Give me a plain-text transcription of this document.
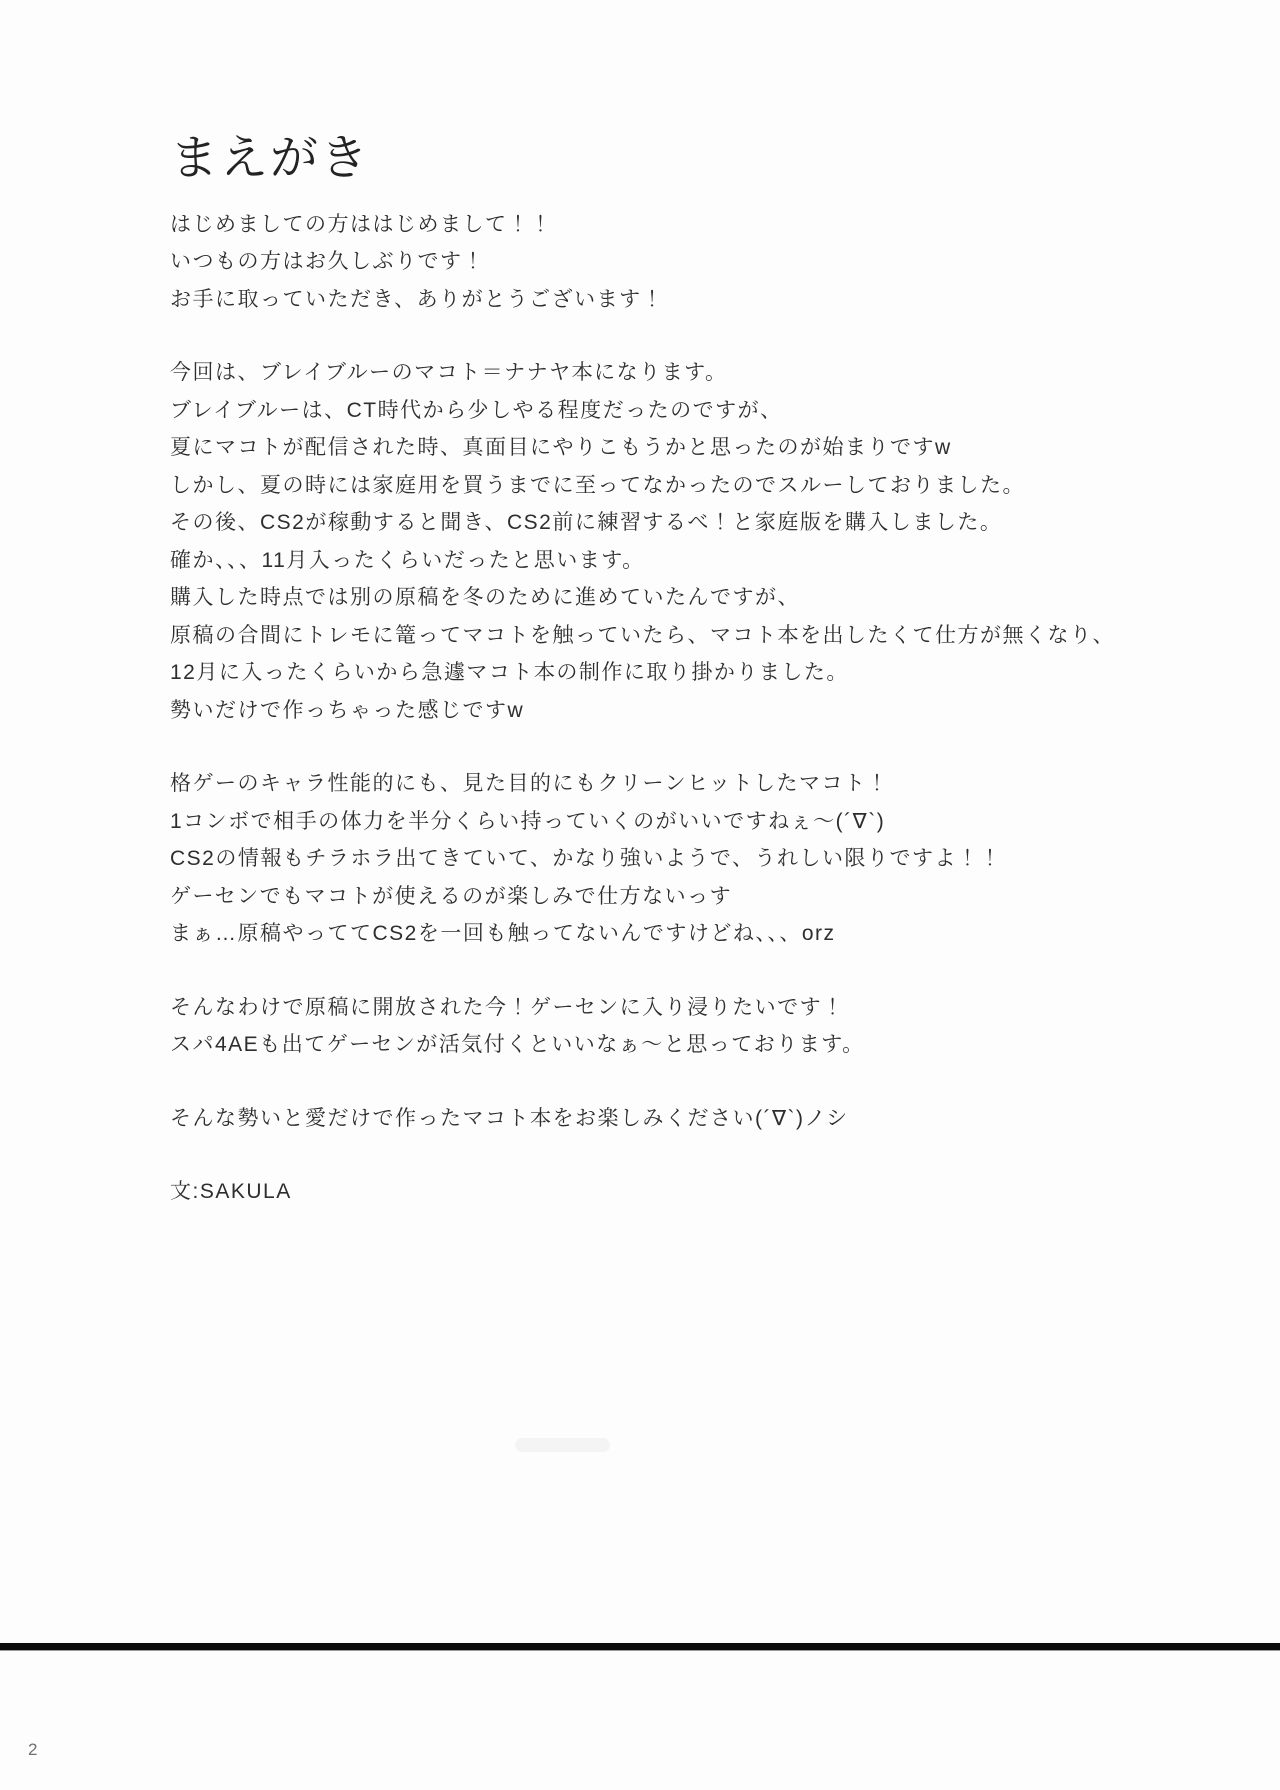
まえがき
はじめましての方ははじめまして！！
いつもの方はお久しぶりです！
お手に取っていただき、ありがとうございます！
今回は、ブレイブルーのマコト＝ナナヤ本になります。
ブレイブルーは、CT時代から少しやる程度だったのですが、
夏にマコトが配信された時、真面目にやりこもうかと思ったのが始まりですw
しかし、夏の時には家庭用を買うまでに至ってなかったのでスルーしておりました。
その後、CS2が稼動すると聞き、CS2前に練習するべ！と家庭版を購入しました。
確か、、、11月入ったくらいだったと思います。
購入した時点では別の原稿を冬のために進めていたんですが、
原稿の合間にトレモに篭ってマコトを触っていたら、マコト本を出したくて仕方が無くなり、
12月に入ったくらいから急遽マコト本の制作に取り掛かりました。
勢いだけで作っちゃった感じですw
格ゲーのキャラ性能的にも、見た目的にもクリーンヒットしたマコト！
1コンボで相手の体力を半分くらい持っていくのがいいですねぇ～(´∇`)
CS2の情報もチラホラ出てきていて、かなり強いようで、うれしい限りですよ！！
ゲーセンでもマコトが使えるのが楽しみで仕方ないっす
まぁ…原稿やっててCS2を一回も触ってないんですけどね、、、orz
そんなわけで原稿に開放された今！ゲーセンに入り浸りたいです！
スパ4AEも出てゲーセンが活気付くといいなぁ～と思っております。
そんな勢いと愛だけで作ったマコト本をお楽しみください(´∇`)ノシ
文:SAKULA
2
